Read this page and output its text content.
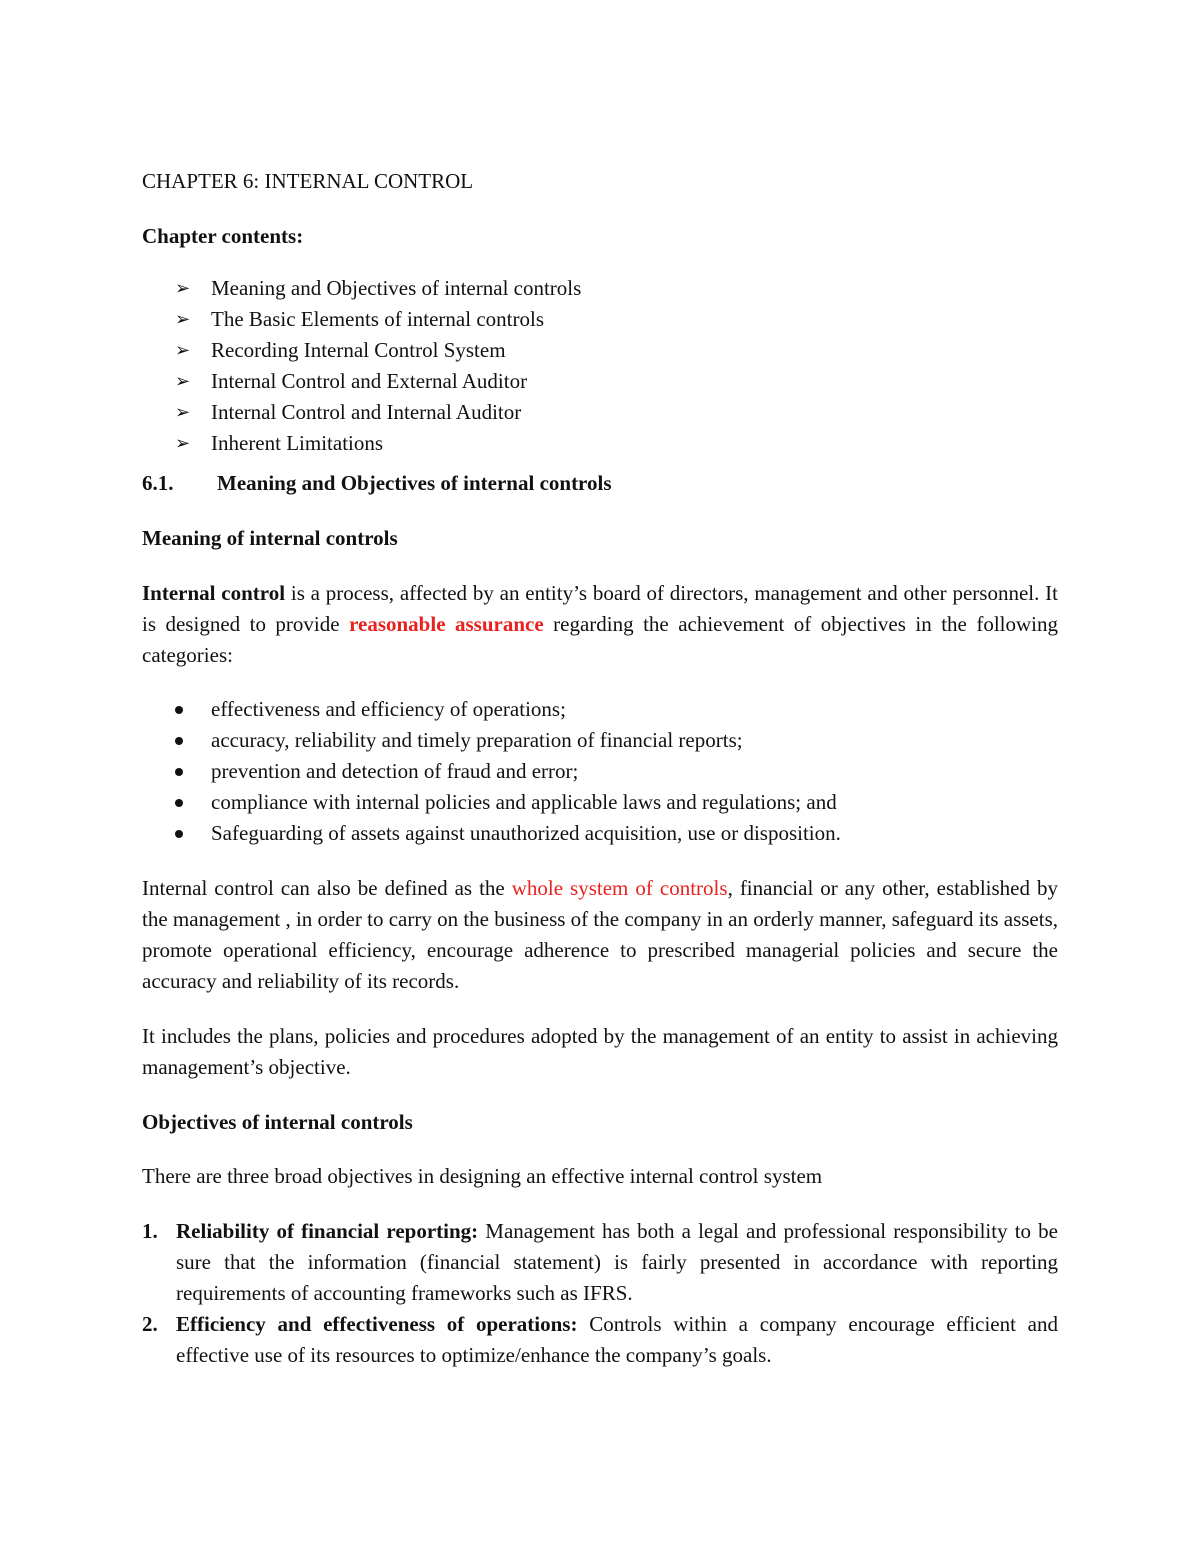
CHAPTER 6: INTERNAL CONTROL
Chapter contents:
➢ Meaning and Objectives of internal controls
➢ The Basic Elements of internal controls
➢ Recording Internal Control System
➢ Internal Control and External Auditor
➢ Internal Control and Internal Auditor
➢ Inherent Limitations
6.1. Meaning and Objectives of internal controls
Meaning of internal controls
Internal control is a process, affected by an entity’s board of directors, management and other personnel. It is designed to provide reasonable assurance regarding the achievement of objectives in the following categories:
effectiveness and efficiency of operations;
accuracy, reliability and timely preparation of financial reports;
prevention and detection of fraud and error;
compliance with internal policies and applicable laws and regulations; and
Safeguarding of assets against unauthorized acquisition, use or disposition.
Internal control can also be defined as the whole system of controls, financial or any other, established by the management , in order to carry on the business of the company in an orderly manner, safeguard its assets, promote operational efficiency, encourage adherence to prescribed managerial policies and secure the accuracy and reliability of its records.
It includes the plans, policies and procedures adopted by the management of an entity to assist in achieving management’s objective.
Objectives of internal controls
There are three broad objectives in designing an effective internal control system
1. Reliability of financial reporting: Management has both a legal and professional responsibility to be sure that the information (financial statement) is fairly presented in accordance with reporting requirements of accounting frameworks such as IFRS.
2. Efficiency and effectiveness of operations: Controls within a company encourage efficient and effective use of its resources to optimize/enhance the company’s goals.
